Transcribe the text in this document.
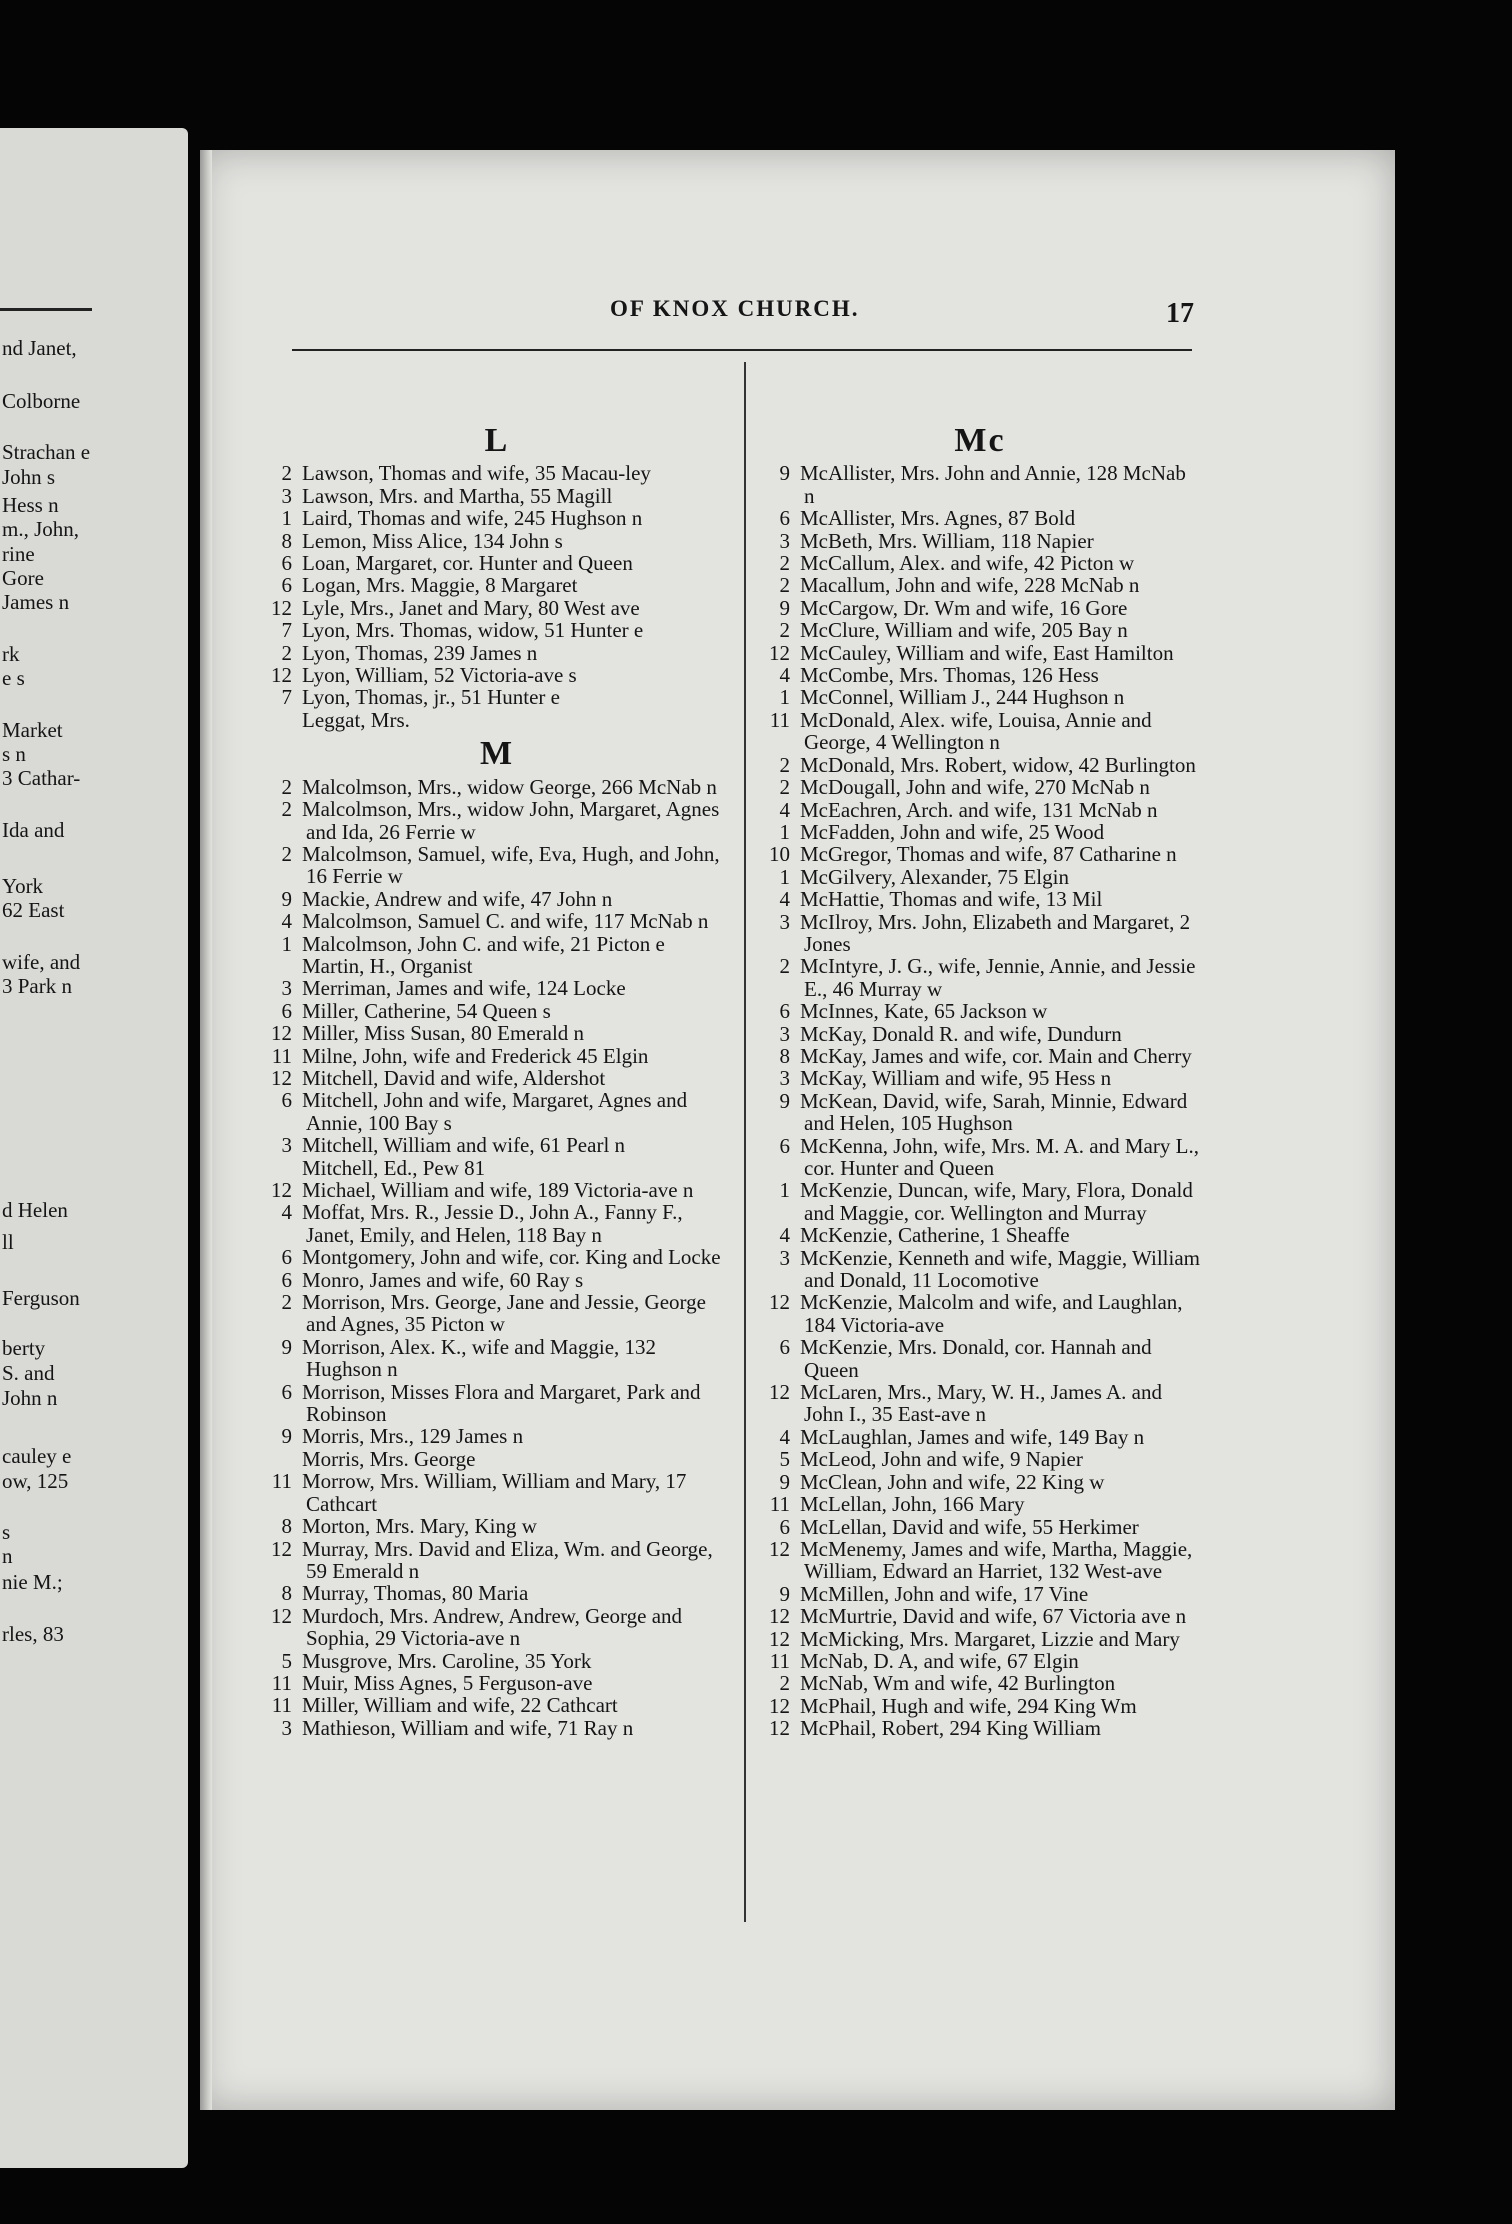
nd Janet,
Colborne
Strachan e
John s
Hess n
m., John,
rine
Gore
James n
rk
e s
Market
s n
3 Cathar-
Ida and
York
62 East
wife, and
3 Park n
d Helen
ll
Ferguson
berty
S. and
John n
cauley e
ow, 125
s
n
nie M.;
rles, 83
OF KNOX CHURCH.	17
L
2 Lawson, Thomas and wife, 35 Macau-ley
3 Lawson, Mrs. and Martha, 55 Magill
1 Laird, Thomas and wife, 245 Hughson n
8 Lemon, Miss Alice, 134 John s
6 Loan, Margaret, cor. Hunter and Queen
6 Logan, Mrs. Maggie, 8 Margaret
12 Lyle, Mrs., Janet and Mary, 80 West ave
7 Lyon, Mrs. Thomas, widow, 51 Hunter e
2 Lyon, Thomas, 239 James n
12 Lyon, William, 52 Victoria-ave s
7 Lyon, Thomas, jr., 51 Hunter e
Leggat, Mrs.
M
2 Malcolmson, Mrs., widow George, 266 McNab n
2 Malcolmson, Mrs., widow John, Margaret, Agnes and Ida, 26 Ferrie w
2 Malcolmson, Samuel, wife, Eva, Hugh, and John, 16 Ferrie w
9 Mackie, Andrew and wife, 47 John n
4 Malcolmson, Samuel C. and wife, 117 McNab n
1 Malcolmson, John C. and wife, 21 Picton e
Martin, H., Organist
3 Merriman, James and wife, 124 Locke
6 Miller, Catherine, 54 Queen s
12 Miller, Miss Susan, 80 Emerald n
11 Milne, John, wife and Frederick 45 Elgin
12 Mitchell, David and wife, Aldershot
6 Mitchell, John and wife, Margaret, Agnes and Annie, 100 Bay s
3 Mitchell, William and wife, 61 Pearl n
Mitchell, Ed., Pew 81
12 Michael, William and wife, 189 Victoria-ave n
4 Moffat, Mrs. R., Jessie D., John A., Fanny F., Janet, Emily, and Helen, 118 Bay n
6 Montgomery, John and wife, cor. King and Locke
6 Monro, James and wife, 60 Ray s
2 Morrison, Mrs. George, Jane and Jessie, George and Agnes, 35 Picton w
9 Morrison, Alex. K., wife and Maggie, 132 Hughson n
6 Morrison, Misses Flora and Margaret, Park and Robinson
9 Morris, Mrs., 129 James n
Morris, Mrs. George
11 Morrow, Mrs. William, William and Mary, 17 Cathcart
8 Morton, Mrs. Mary, King w
12 Murray, Mrs. David and Eliza, Wm. and George, 59 Emerald n
8 Murray, Thomas, 80 Maria
12 Murdoch, Mrs. Andrew, Andrew, George and Sophia, 29 Victoria-ave n
5 Musgrove, Mrs. Caroline, 35 York
11 Muir, Miss Agnes, 5 Ferguson-ave
11 Miller, William and wife, 22 Cathcart
3 Mathieson, William and wife, 71 Ray n
Mc
9 McAllister, Mrs. John and Annie, 128 McNab n
6 McAllister, Mrs. Agnes, 87 Bold
3 McBeth, Mrs. William, 118 Napier
2 McCallum, Alex. and wife, 42 Picton w
2 Macallum, John and wife, 228 McNab n
9 McCargow, Dr. Wm and wife, 16 Gore
2 McClure, William and wife, 205 Bay n
12 McCauley, William and wife, East Hamilton
4 McCombe, Mrs. Thomas, 126 Hess
1 McConnel, William J., 244 Hughson n
11 McDonald, Alex. wife, Louisa, Annie and George, 4 Wellington n
2 McDonald, Mrs. Robert, widow, 42 Burlington
2 McDougall, John and wife, 270 McNab n
4 McEachren, Arch. and wife, 131 McNab n
1 McFadden, John and wife, 25 Wood
10 McGregor, Thomas and wife, 87 Catharine n
1 McGilvery, Alexander, 75 Elgin
4 McHattie, Thomas and wife, 13 Mil
3 McIlroy, Mrs. John, Elizabeth and Margaret, 2 Jones
2 McIntyre, J. G., wife, Jennie, Annie, and Jessie E., 46 Murray w
6 McInnes, Kate, 65 Jackson w
3 McKay, Donald R. and wife, Dundurn
8 McKay, James and wife, cor. Main and Cherry
3 McKay, William and wife, 95 Hess n
9 McKean, David, wife, Sarah, Minnie, Edward and Helen, 105 Hughson
6 McKenna, John, wife, Mrs. M. A. and Mary L., cor. Hunter and Queen
1 McKenzie, Duncan, wife, Mary, Flora, Donald and Maggie, cor. Wellington and Murray
4 McKenzie, Catherine, 1 Sheaffe
3 McKenzie, Kenneth and wife, Maggie, William and Donald, 11 Locomotive
12 McKenzie, Malcolm and wife, and Laughlan, 184 Victoria-ave
6 McKenzie, Mrs. Donald, cor. Hannah and Queen
12 McLaren, Mrs., Mary, W. H., James A. and John I., 35 East-ave n
4 McLaughlan, James and wife, 149 Bay n
5 McLeod, John and wife, 9 Napier
9 McClean, John and wife, 22 King w
11 McLellan, John, 166 Mary
6 McLellan, David and wife, 55 Herkimer
12 McMenemy, James and wife, Martha, Maggie, William, Edward an Harriet, 132 West-ave
9 McMillen, John and wife, 17 Vine
12 McMurtrie, David and wife, 67 Victoria ave n
12 McMicking, Mrs. Margaret, Lizzie and Mary
11 McNab, D. A, and wife, 67 Elgin
2 McNab, Wm and wife, 42 Burlington
12 McPhail, Hugh and wife, 294 King Wm
12 McPhail, Robert, 294 King William
